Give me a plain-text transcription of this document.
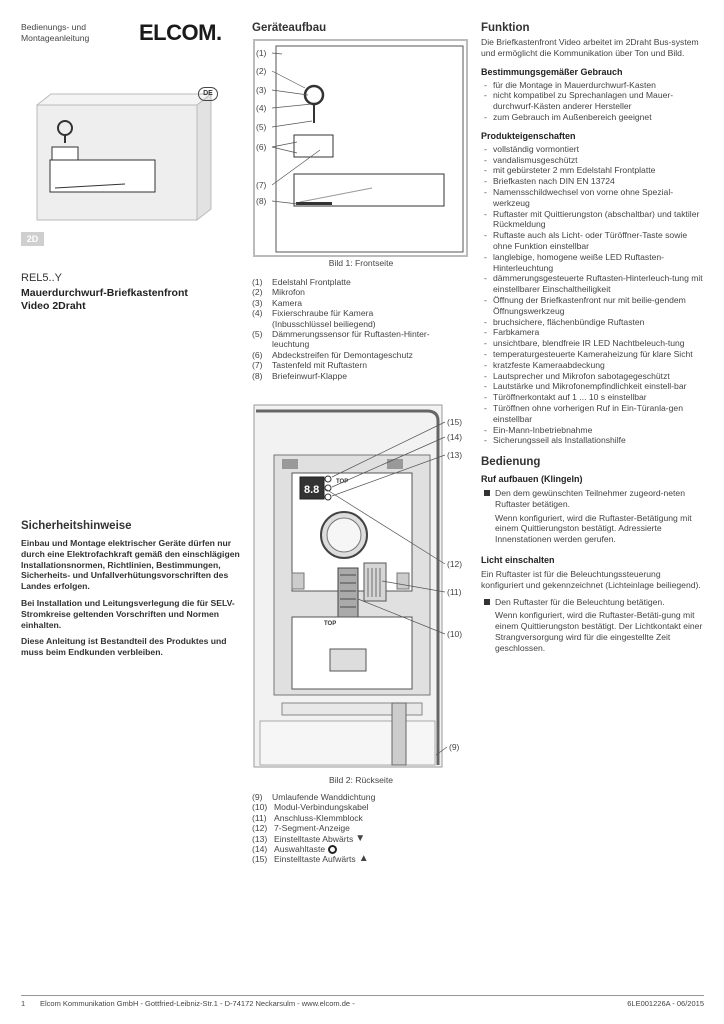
Bedienungs- und
Montageanleitung ELCOM.
DE
2D
REL5..Y
Mauerdurchwurf-Briefkastenfront
Video 2Draht
Sicherheitshinweise

Einbau und Montage elektrischer Geräte dürfen nur durch eine Elektrofachkraft gemäß den einschlägigen Installationsnormen, Richtlinien, Bestimmungen, Sicherheits- und Unfallverhütungsvorschriften des Landes erfolgen.

Bei Installation und Leitungsverlegung die für SELV-Stromkreise geltenden Vorschriften und Normen einhalten.

Diese Anleitung ist Bestandteil des Produktes und muss beim Endkunden verbleiben.

Geräteaufbau
(1)
(2)
(3)
(4)
(5)
(6)
(7)
(8)
Bild 1: Frontseite
(1)	Edelstahl Frontplatte
(2)	Mikrofon
(3)	Kamera
(4)	Fixierschraube für Kamera
(Inbusschlüssel beiliegend)
(5)	Dämmerungssensor für Ruftasten-Hinter-
leuchtung
(6)	Abdeckstreifen für Demontageschutz
(7)	Tastenfeld mit Ruftastern
(8)	Briefeinwurf-Klappe
8.8
TOP
TOP
(15)
(14)
(13)
(12)
(11)
(10)
(9)
Bild 2: Rückseite
(9)	Umlaufende Wanddichtung
(10) Modul-Verbindungskabel
(11) Anschluss-Klemmblock
(12) 7-Segment-Anzeige
(13) Einstelltaste Abwärts ▼
(14) Auswahltaste
(15) Einstelltaste Aufwärts ▲
Funktion

Die Briefkastenfront Video arbeitet im 2Draht Bus-system und ermöglicht die Kommunikation über Ton und Bild.

Bestimmungsgemäßer Gebrauch

- für die Montage in Mauerdurchwurf-Kasten
- nicht kompatibel zu Sprechanlagen und Mauer-durchwurf-Kästen anderer Hersteller
- zum Gebrauch im Außenbereich geeignet

Produkteigenschaften

- vollständig vormontiert
- vandalismusgeschützt
- mit gebürsteter 2 mm Edelstahl Frontplatte
- Briefkasten nach DIN EN 13724
- Namensschildwechsel von vorne ohne Spezial-werkzeug
- Ruftaster mit Quittierungston (abschaltbar) und taktiler Rückmeldung
- Ruftaste auch als Licht- oder Türöffner-Taste sowie ohne Funktion einstellbar
- langlebige, homogene weiße LED Ruftasten-Hinterleuchtung
- dämmerungsgesteuerte Ruftasten-Hinterleuch-tung mit einstellbarer Einschaltheiligkeit
- Öffnung der Briefkastenfront nur mit beilie-gendem Öffnungswerkzeug
- bruchsichere, flächenbündige Ruftasten
- Farbkamera
- unsichtbare, blendfreie IR LED Nachtbeleuch-tung
- temperaturgesteuerte Kameraheizung für klare Sicht
- kratzfeste Kameraabdeckung
- Lautsprecher und Mikrofon sabotagegeschützt
- Lautstärke und Mikrofonempfindlichkeit einstell-bar
- Türöffnerkontakt auf 1 ... 10 s einstellbar
- Türöffnen ohne vorherigen Ruf in Ein-Türanla-gen einstellbar
- Ein-Mann-Inbetriebnahme
- Sicherungsseil als Installationshilfe
Bedienung

Ruf aufbauen (Klingeln)

Den dem gewünschten Teilnehmer zugeord-neten Ruftaster betätigen.

Wenn konfiguriert, wird die Ruftaster-Betätigung mit einem Quittierungston bestätigt. Adressierte Innenstationen werden gerufen.

Licht einschalten

Ein Ruftaster ist für die Beleuchtungssteuerung konfiguriert und gekennzeichnet (Lichteinlage beiliegend).

Den Ruftaster für die Beleuchtung betätigen.

Wenn konfiguriert, wird die Ruftaster-Betäti-gung mit einem Quittierungston bestätigt. Der Lichtkontakt einer Strangversorgung wird für die eingestellte Zeit geschlossen.

1 Elcom Kommunikation GmbH - Gottfried-Leibniz-Str.1 - D-74172 Neckarsulm - www.elcom.de -	6LE001226A - 06/2015
